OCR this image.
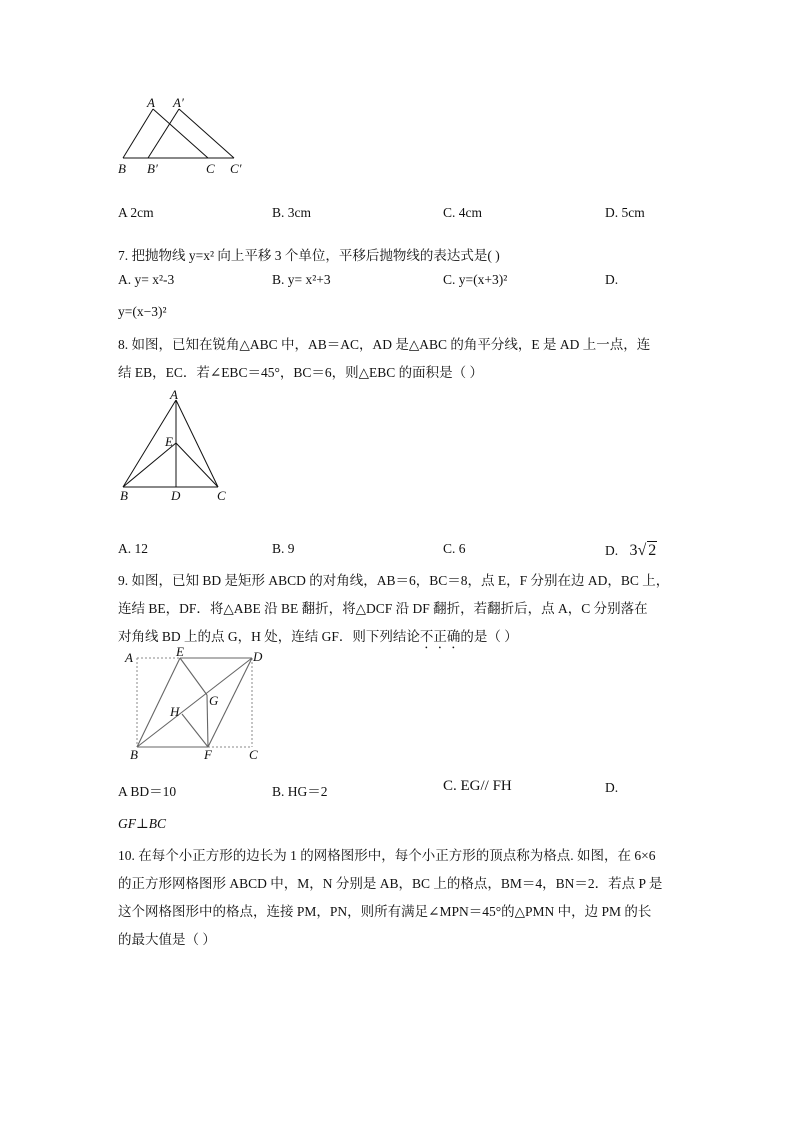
A A′
B B′	C C′
A 2cm	B. 3cm	C. 4cm	D. 5cm
7. 把抛物线 y=x² 向上平移 3 个单位，平移后抛物线的表达式是( )
A. y= x²-3	B. y= x²+3	C. y=(x+3)²	D.
y=(x−3)²
8. 如图，已知在锐角△ABC 中，AB＝AC，AD 是△ABC 的角平分线，E 是 AD 上一点，连
结 EB，EC．若∠EBC＝45°，BC＝6，则△EBC 的面积是（ ）
A
E
B	D	C
A. 12	B. 9	C. 6	D. 3√ 2
9. 如图，已知 BD 是矩形 ABCD 的对角线，AB＝6，BC＝8，点 E，F 分别在边 AD，BC 上，
连结 BE，DF．将△ABE 沿 BE 翻折，将△DCF 沿 DF 翻折，若翻折后，点 A，C 分别落在
对角线 BD 上的点 G，H 处，连结 GF．则下列结论不正确的是（ ）
A	E	D
G
H
B	F	C
A BD＝10	B. HG＝2	C. EG// FH	D.
GF⊥BC
10. 在每个小正方形的边长为 1 的网格图形中，每个小正方形的顶点称为格点. 如图，在 6×6
的正方形网格图形 ABCD 中，M，N 分别是 AB，BC 上的格点，BM＝4，BN＝2．若点 P 是
这个网格图形中的格点，连接 PM，PN，则所有满足∠MPN＝45°的△PMN 中，边 PM 的长
的最大值是（ ）
